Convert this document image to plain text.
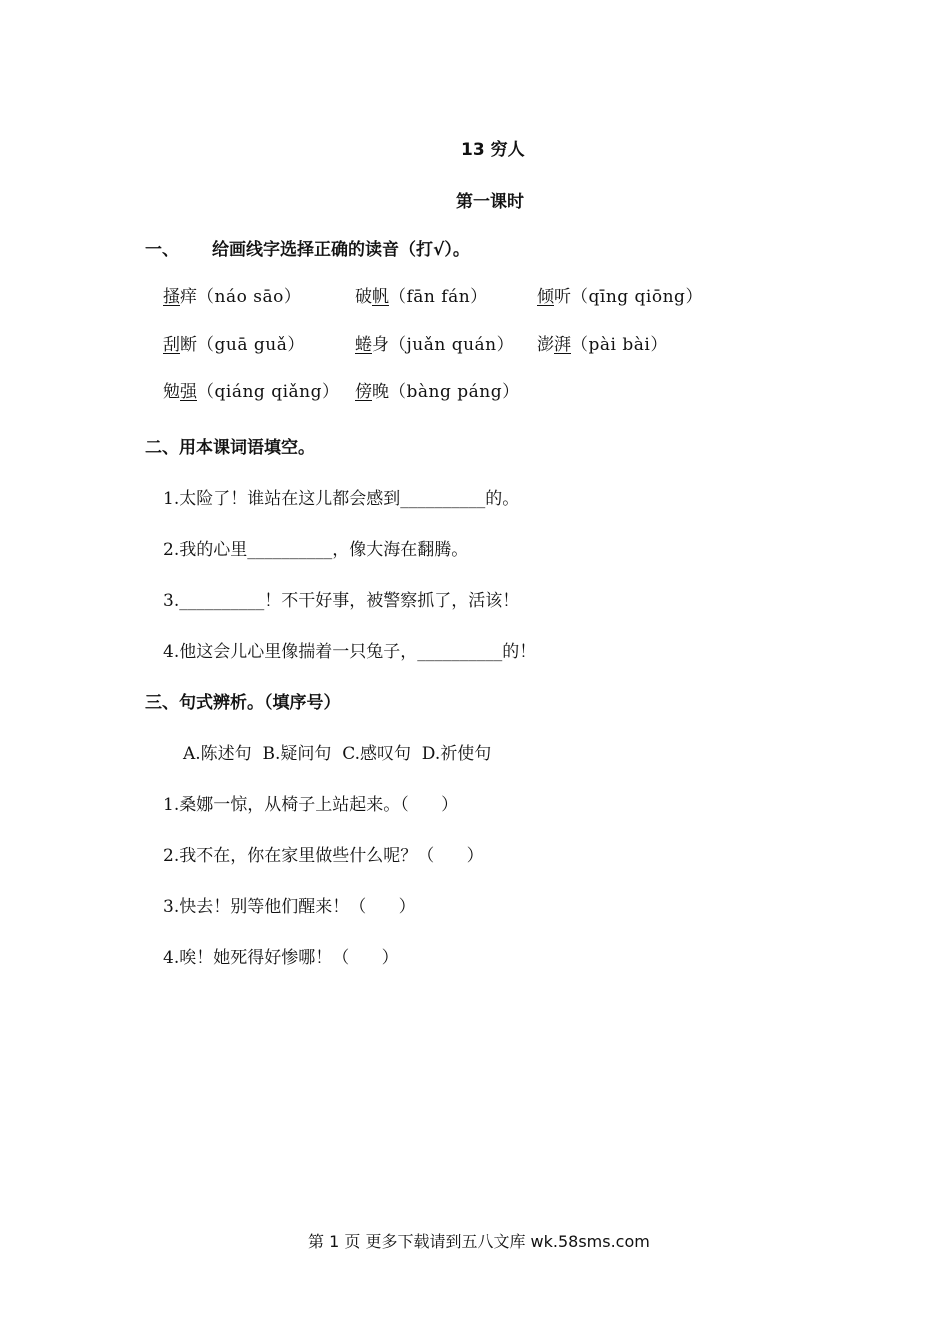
13 穷人
第一课时
一、 给画线字选择正确的读音（打√）。
搔痒（náo sāo）	破帆（fān fán）	倾听（qīng qiōng）
刮断（guā guǎ）	蜷身（juǎn quán） 澎湃（pài bài）
勉强（qiáng qiǎng） 傍晚（bàng páng）
二、用本课词语填空。
1.太险了！谁站在这儿都会感到__________的。
2.我的心里__________，像大海在翻腾。
3.__________！不干好事，被警察抓了，活该！
4.他这会儿心里像揣着一只兔子，__________的！
三、句式辨析。（填序号）
A.陈述句  B.疑问句  C.感叹句  D.祈使句
1.桑娜一惊，从椅子上站起来。（      ）
2.我不在，你在家里做些什么呢？（      ）
3.快去！别等他们醒来！（      ）
4.唉！她死得好惨哪！（      ）
第 1 页 更多下载请到五八文库 wk.58sms.com
